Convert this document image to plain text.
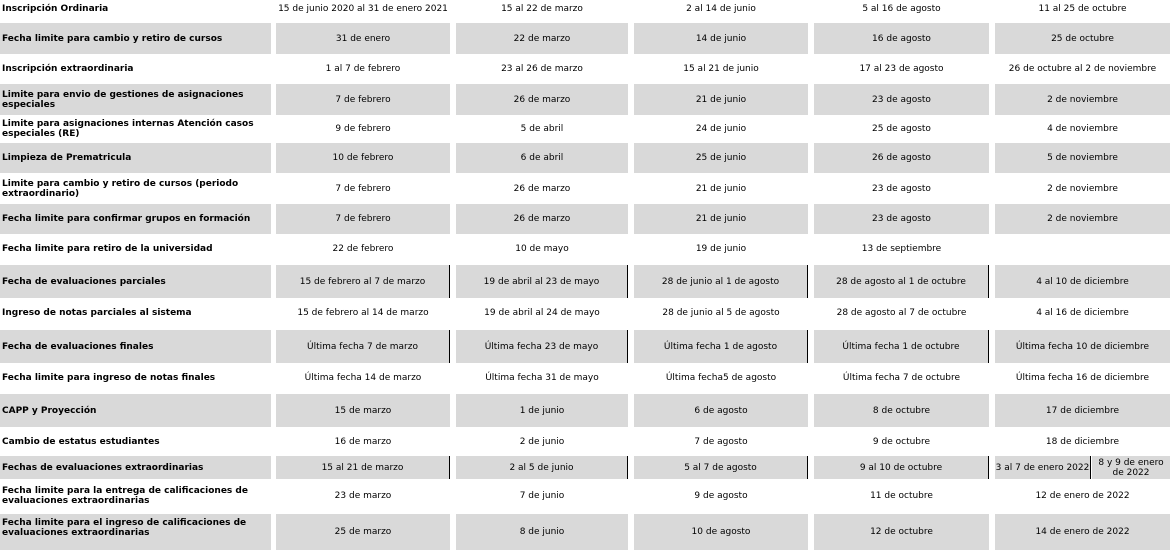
Inscripción Ordinaria	15 de junio 2020 al 31 de enero 2021	15 al 22 de marzo	2 al 14 de junio	5 al 16 de agosto	11 al 25 de octubre
Fecha limite para cambio y retiro de cursos	31 de enero	22 de marzo	14 de junio	16 de agosto	25 de octubre
Inscripción extraordinaria	1 al 7 de febrero	23 al 26 de marzo	15 al 21 de junio	17 al 23 de agosto	26 de octubre al 2 de noviembre
Limite para envio de gestiones de asignaciones especiales	7 de febrero	26 de marzo	21 de junio	23 de agosto	2 de noviembre
Limite para asignaciones internas Atención casos especiales (RE)	9 de febrero	5 de abril	24 de junio	25 de agosto	4 de noviembre
Limpieza de Prematricula	10 de febrero	6 de abril	25 de junio	26 de agosto	5 de noviembre
Limite para cambio y retiro de cursos (periodo extraordinario)	7 de febrero	26 de marzo	21 de junio	23 de agosto	2 de noviembre
Fecha limite para confirmar grupos en formación	7 de febrero	26 de marzo	21 de junio	23 de agosto	2 de noviembre
Fecha limite para retiro de la universidad	22 de febrero	10 de mayo	19 de junio	13 de septiembre
Fecha de evaluaciones parciales	15 de febrero al 7 de marzo	19 de abril al 23 de mayo	28 de junio al 1 de agosto	28 de agosto al 1 de octubre	4 al 10 de diciembre
Ingreso de notas parciales al sistema	15 de febrero al 14 de marzo	19 de abril al 24 de mayo	28 de junio al 5 de agosto	28 de agosto al 7 de octubre	4 al 16 de diciembre
Fecha de evaluaciones finales	Última fecha 7 de marzo	Última fecha 23 de mayo	Última fecha 1 de agosto	Última fecha 1 de octubre	Última fecha 10 de diciembre
Fecha limite para ingreso de notas finales	Última fecha 14 de marzo	Última fecha 31 de mayo	Última fecha5 de agosto	Última fecha 7 de octubre	Última fecha 16 de diciembre
CAPP y Proyección	15 de marzo	1 de junio	6 de agosto	8 de octubre	17 de diciembre
Cambio de estatus estudiantes	16 de marzo	2 de junio	7 de agosto	9 de octubre	18 de diciembre
Fechas de evaluaciones extraordinarias	15 al 21 de marzo	2 al 5 de junio	5 al 7 de agosto	9 al 10 de octubre	3 al 7 de enero 2022	8 y 9 de enero de 2022
Fecha limite para la entrega de calificaciones de evaluaciones extraordinarias	23 de marzo	7 de junio	9 de agosto	11 de octubre	12 de enero de 2022
Fecha limite para el ingreso de calificaciones de evaluaciones extraordinarias	25 de marzo	8 de junio	10 de agosto	12 de octubre	14 de enero de 2022
